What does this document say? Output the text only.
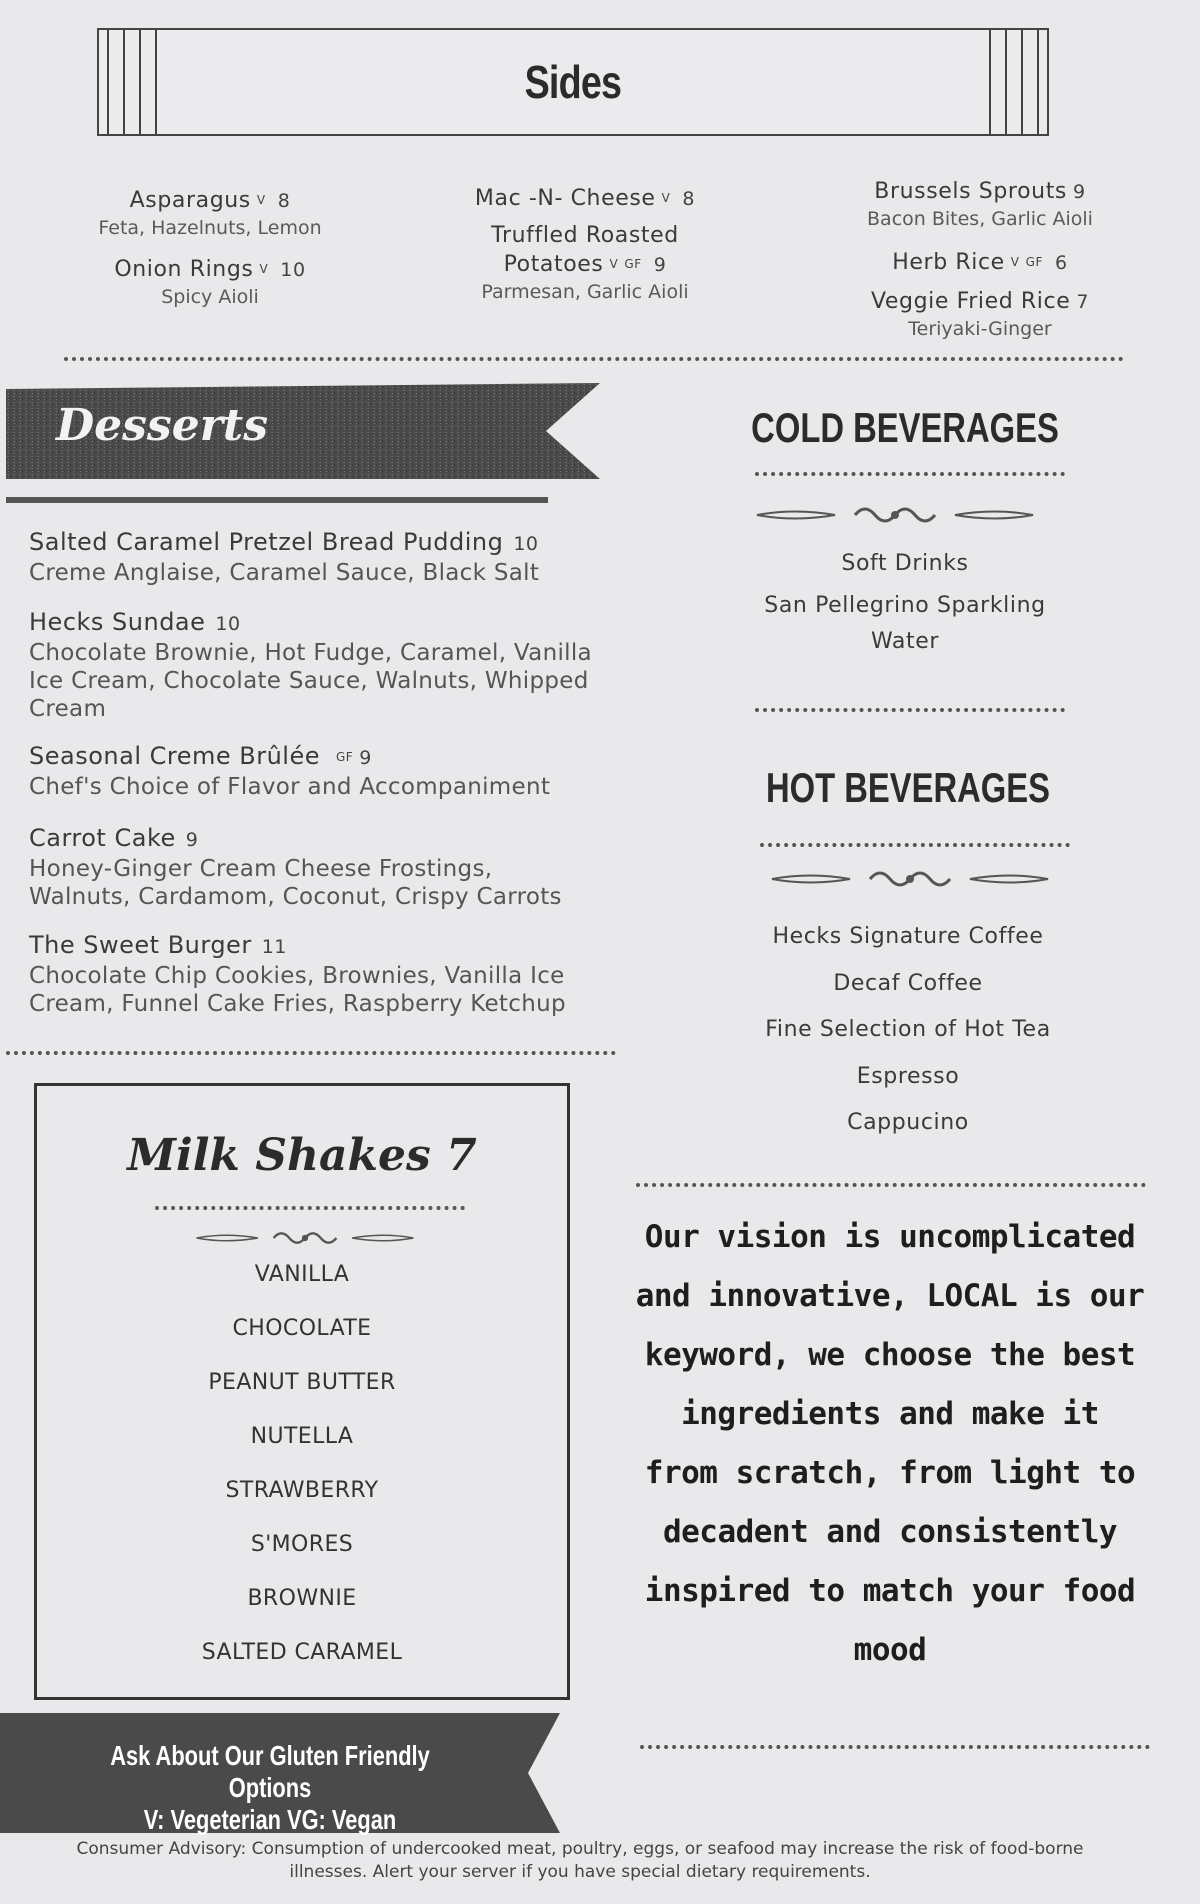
Sides
Asparagus V 8
Feta, Hazelnuts, Lemon
Onion Rings V 10
Spicy Aioli
Mac -N- Cheese V 8
Truffled Roasted
Potatoes V GF 9
Parmesan, Garlic Aioli
Brussels Sprouts 9
Bacon Bites, Garlic Aioli
Herb Rice V GF 6
Veggie Fried Rice 7
Teriyaki-Ginger
Desserts
Salted Caramel Pretzel Bread Pudding 10
Creme Anglaise, Caramel Sauce, Black Salt
Hecks Sundae 10
Chocolate Brownie, Hot Fudge, Caramel, Vanilla
Ice Cream, Chocolate Sauce, Walnuts, Whipped
Cream
Seasonal Creme Brûlée GF 9
Chef's Choice of Flavor and Accompaniment
Carrot Cake 9
Honey-Ginger Cream Cheese Frostings,
Walnuts, Cardamom, Coconut, Crispy Carrots
The Sweet Burger 11
Chocolate Chip Cookies, Brownies, Vanilla Ice
Cream, Funnel Cake Fries, Raspberry Ketchup
COLD BEVERAGES
Soft Drinks
San Pellegrino Sparkling
Water
HOT BEVERAGES
Hecks Signature Coffee
Decaf Coffee
Fine Selection of Hot Tea
Espresso
Cappucino
Milk Shakes 7
VANILLA
CHOCOLATE
PEANUT BUTTER
NUTELLA
STRAWBERRY
S'MORES
BROWNIE
SALTED CARAMEL
Our vision is uncomplicated
and innovative, LOCAL is our
keyword, we choose the best
ingredients and make it
from scratch, from light to
decadent and consistently
inspired to match your food
mood
Ask About Our Gluten Friendly Options
V: Vegeterian VG: Vegan
Consumer Advisory: Consumption of undercooked meat, poultry, eggs, or seafood may increase the risk of food-borne
illnesses. Alert your server if you have special dietary requirements.
